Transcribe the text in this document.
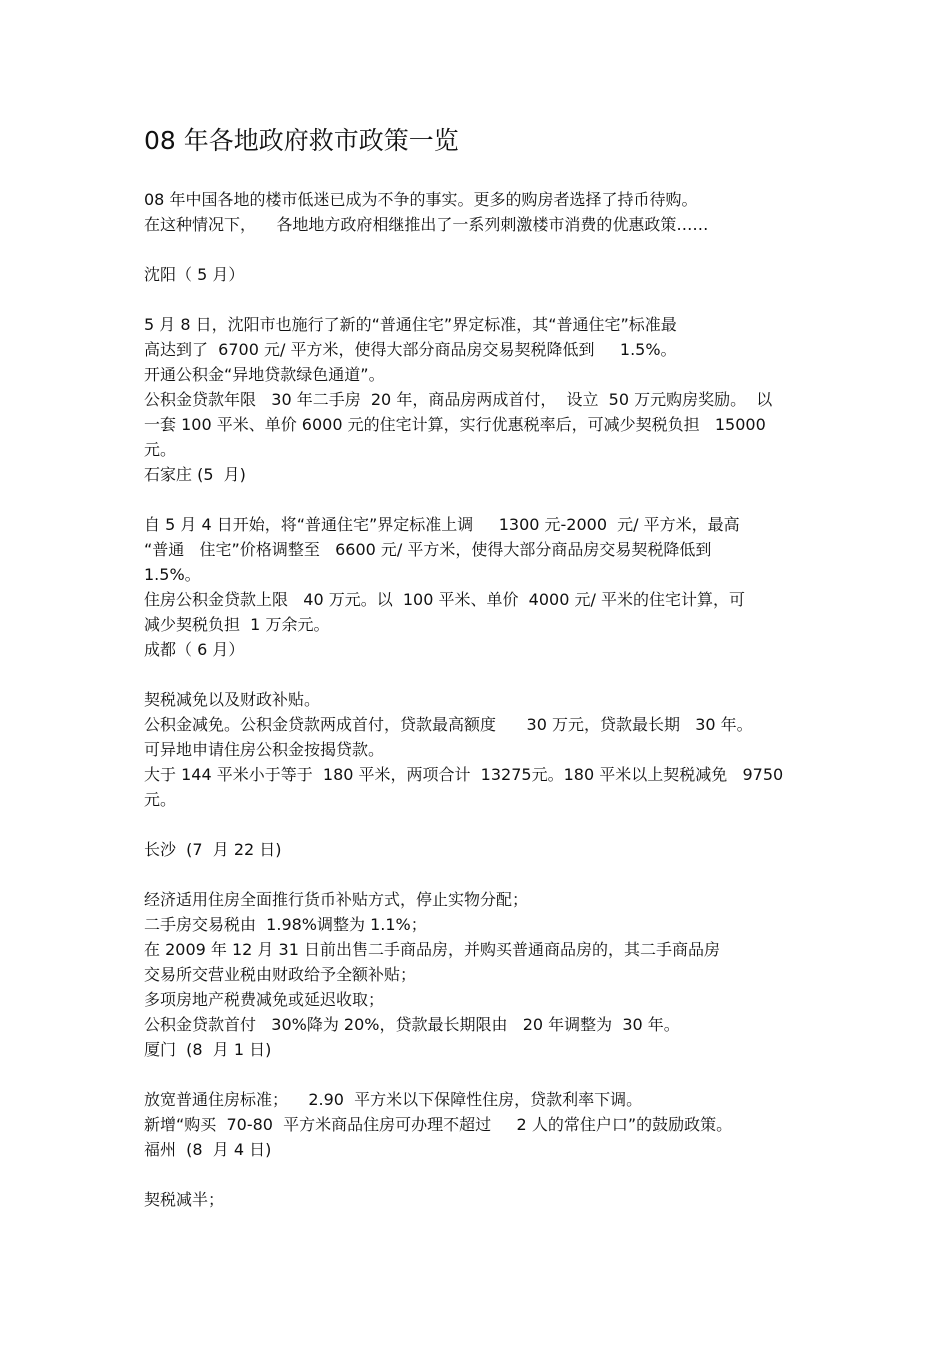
08 年各地政府救市政策一览
08 年中国各地的楼市低迷已成为不争的事实。更多的购房者选择了持币待购。
在这种情况下，    各地地方政府相继推出了一系列刺激楼市消费的优惠政策……
沈阳（ 5 月）
5 月 8 日，沈阳市也施行了新的“普通住宅”界定标准，其“普通住宅”标准最
高达到了  6700 元/ 平方米，使得大部分商品房交易契税降低到     1.5%。
开通公积金“异地贷款绿色通道”。
公积金贷款年限   30 年二手房  20 年，商品房两成首付，  设立  50 万元购房奖励。  以
一套 100 平米、单价 6000 元的住宅计算，实行优惠税率后，可减少契税负担   15000
元。
石家庄 (5  月)
自 5 月 4 日开始，将“普通住宅”界定标准上调     1300 元-2000  元/ 平方米，最高
“普通   住宅”价格调整至   6600 元/ 平方米，使得大部分商品房交易契税降低到
1.5%。
住房公积金贷款上限   40 万元。以  100 平米、单价  4000 元/ 平米的住宅计算，可
减少契税负担  1 万余元。
成都（ 6 月）
契税减免以及财政补贴。
公积金减免。公积金贷款两成首付，贷款最高额度      30 万元，贷款最长期   30 年。
可异地申请住房公积金按揭贷款。
大于 144 平米小于等于  180 平米，两项合计  13275元。180 平米以上契税减免   9750
元。
长沙  (7  月 22 日)
经济适用住房全面推行货币补贴方式，停止实物分配；
二手房交易税由  1.98%调整为 1.1%；
在 2009 年 12 月 31 日前出售二手商品房，并购买普通商品房的，其二手商品房
交易所交营业税由财政给予全额补贴；
多项房地产税费减免或延迟收取；
公积金贷款首付   30%降为 20%，贷款最长期限由   20 年调整为  30 年。
厦门  (8  月 1 日)
放宽普通住房标准；    2.90  平方米以下保障性住房，贷款利率下调。
新增“购买  70-80  平方米商品住房可办理不超过     2 人的常住户口”的鼓励政策。
福州  (8  月 4 日)
契税减半；
